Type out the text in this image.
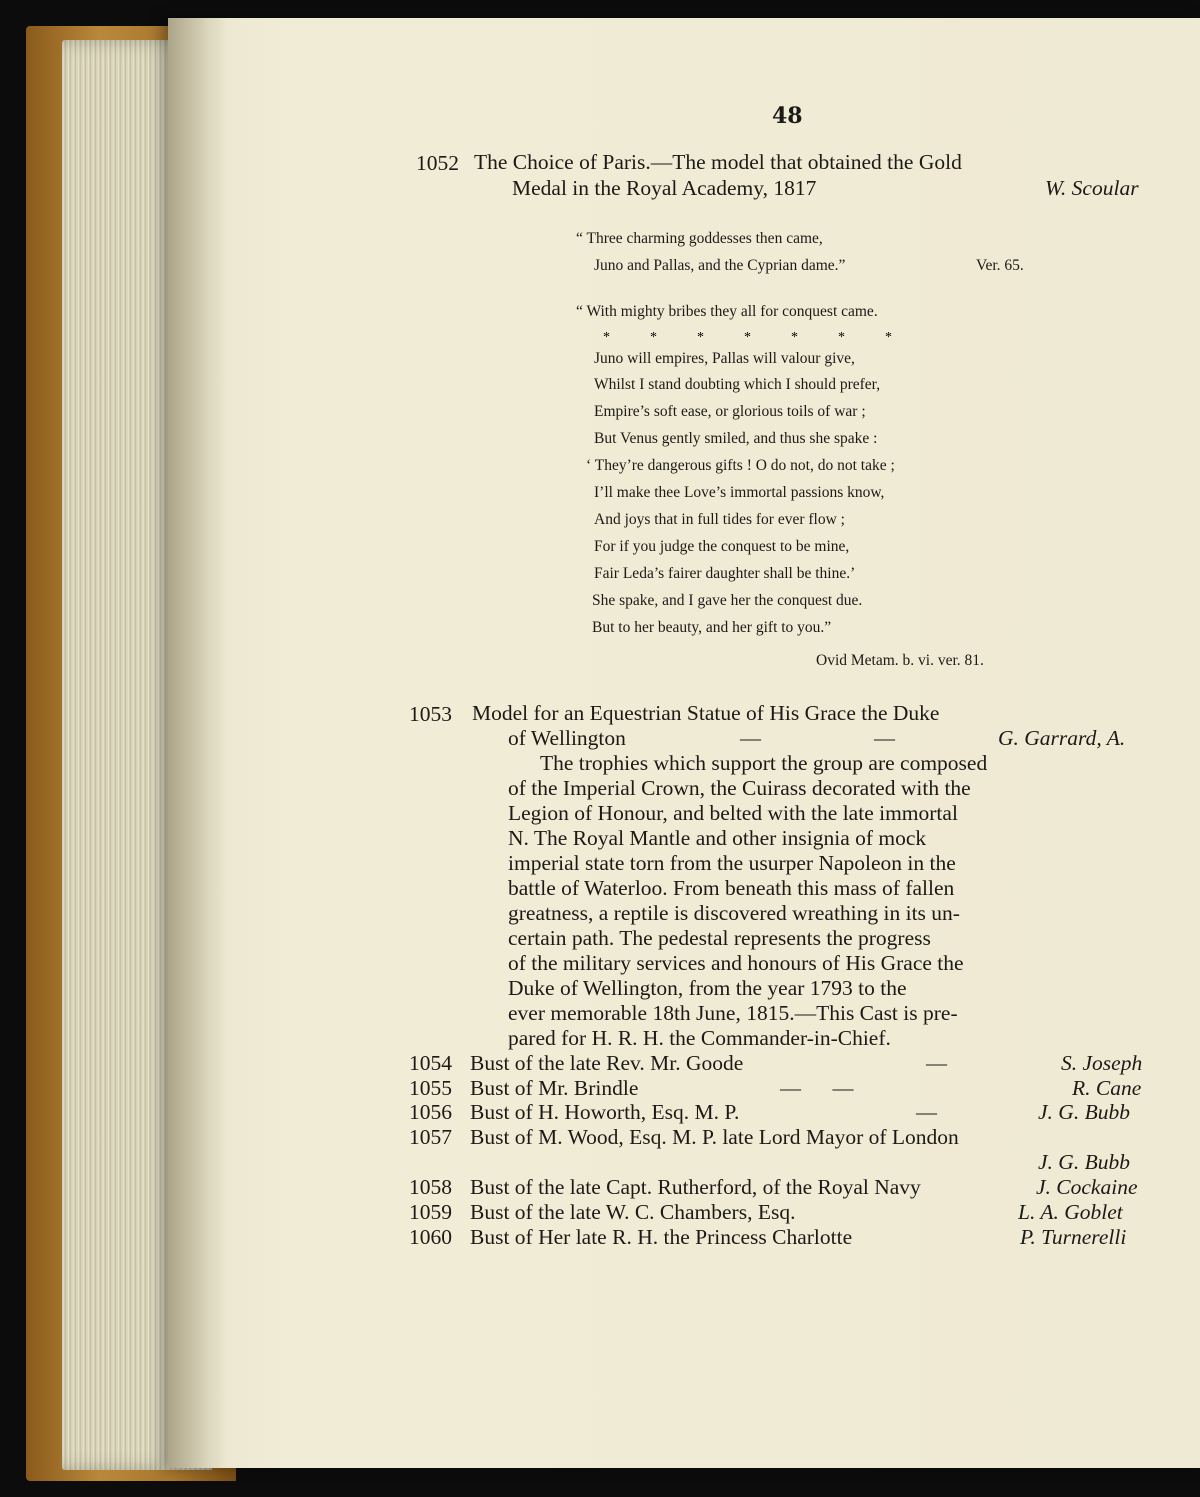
48
1052 The Choice of Paris.—The model that obtained the Gold
Medal in the Royal Academy, 1817	W. Scoular
“ Three charming goddesses then came,
Juno and Pallas, and the Cyprian dame.”	Ver. 65.
“ With mighty bribes they all for conquest came.
*	*	*	*	*	*	*
Juno will empires, Pallas will valour give,
Whilst I stand doubting which I should prefer,
Empire’s soft ease, or glorious toils of war ;
But Venus gently smiled, and thus she spake :
‘ They’re dangerous gifts ! O do not, do not take ;
I’ll make thee Love’s immortal passions know,
And joys that in full tides for ever flow ;
For if you judge the conquest to be mine,
Fair Leda’s fairer daughter shall be thine.’
She spake, and I gave her the conquest due.
But to her beauty, and her gift to you.”
Ovid Metam. b. vi. ver. 81.
1053 Model for an Equestrian Statue of His Grace the Duke
of Wellington	—	—	G. Garrard, A.
The trophies which support the group are composed
of the Imperial Crown, the Cuirass decorated with the
Legion of Honour, and belted with the late immortal
N. The Royal Mantle and other insignia of mock
imperial state torn from the usurper Napoleon in the
battle of Waterloo. From beneath this mass of fallen
greatness, a reptile is discovered wreathing in its un-
certain path. The pedestal represents the progress
of the military services and honours of His Grace the
Duke of Wellington, from the year 1793 to the
ever memorable 18th June, 1815.—This Cast is pre-
pared for H. R. H. the Commander-in-Chief.
1054 Bust of the late Rev. Mr. Goode	—	S. Joseph
1055 Bust of Mr. Brindle	—      —	R. Cane
1056 Bust of H. Howorth, Esq. M. P.	—	J. G. Bubb
1057 Bust of M. Wood, Esq. M. P. late Lord Mayor of London
J. G. Bubb
1058 Bust of the late Capt. Rutherford, of the Royal Navy	J. Cockaine
1059 Bust of the late W. C. Chambers, Esq.	L. A. Goblet
1060 Bust of Her late R. H. the Princess Charlotte	P. Turnerelli
